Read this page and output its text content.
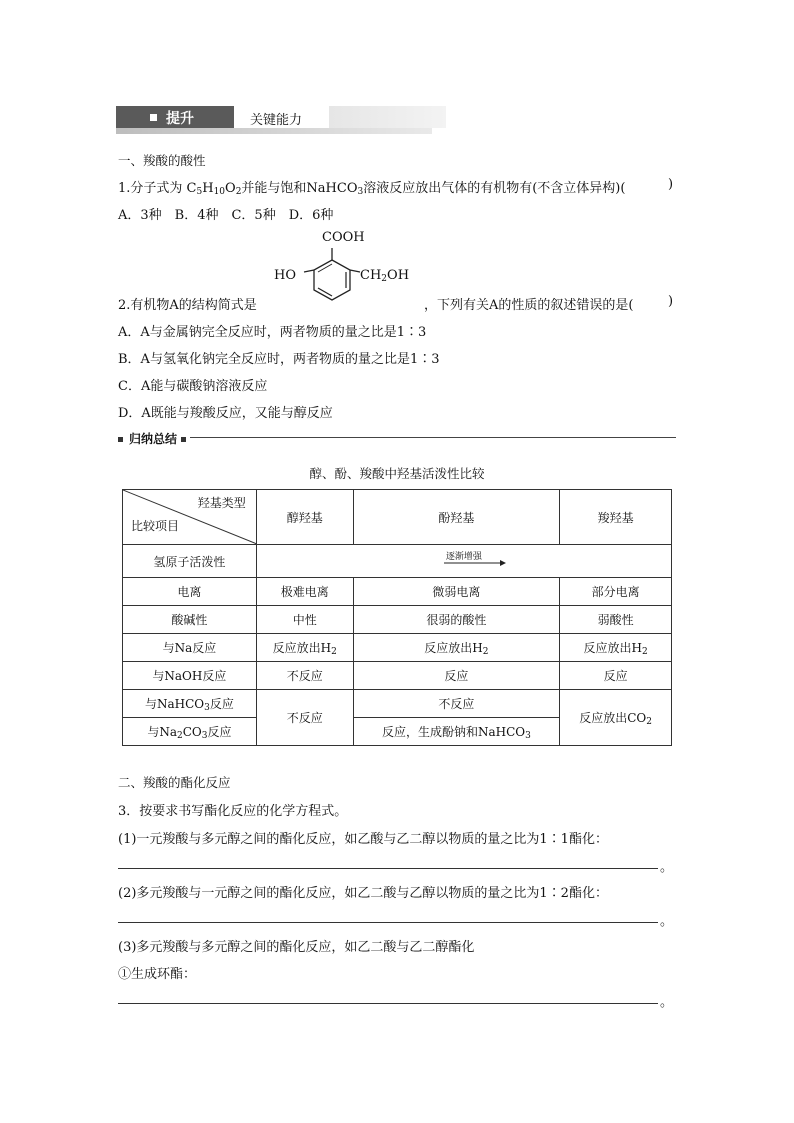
提升	关键能力
一、羧酸的酸性
1.分子式为 $C_5H_{10}O_2$并能与饱和NaHCO$_3$溶液反应放出气体的有机物有(不含立体异构)(	)
A．3种　B．4种　C．5种　D．6种
COOH
HO	$CH_2OH$
2.有机物A的结构简式是	，下列有关A的性质的叙述错误的是(	)
A．A与金属钠完全反应时，两者物质的量之比是1∶3
B．A与氢氧化钠完全反应时，两者物质的量之比是1∶3
C．A能与碳酸钠溶液反应
D．A既能与羧酸反应，又能与醇反应
归纳总结
醇、酚、羧酸中羟基活泼性比较
羟基类型
比较项目	醇羟基	酚羟基	羧羟基
氢原子活泼性	逐渐增强		

电离	极难电离	微弱电离	部分电离
酸碱性	中性	很弱的酸性	弱酸性
与Na反应	反应放出$H_2$	反应放出$H_2$	反应放出$H_2$
与NaOH反应	不反应	反应	反应
与NaHCO$_3$反应	不反应	不反应	反应放出$CO_2$
与$Na_2CO_3$反应		反应，生成酚钠和NaHCO$_3$
二、羧酸的酯化反应
3．按要求书写酯化反应的化学方程式。
(1)一元羧酸与多元醇之间的酯化反应，如乙酸与乙二醇以物质的量之比为1∶1酯化：
。
(2)多元羧酸与一元醇之间的酯化反应，如乙二酸与乙醇以物质的量之比为1∶2酯化：
。
(3)多元羧酸与多元醇之间的酯化反应，如乙二酸与乙二醇酯化
①生成环酯：
。
